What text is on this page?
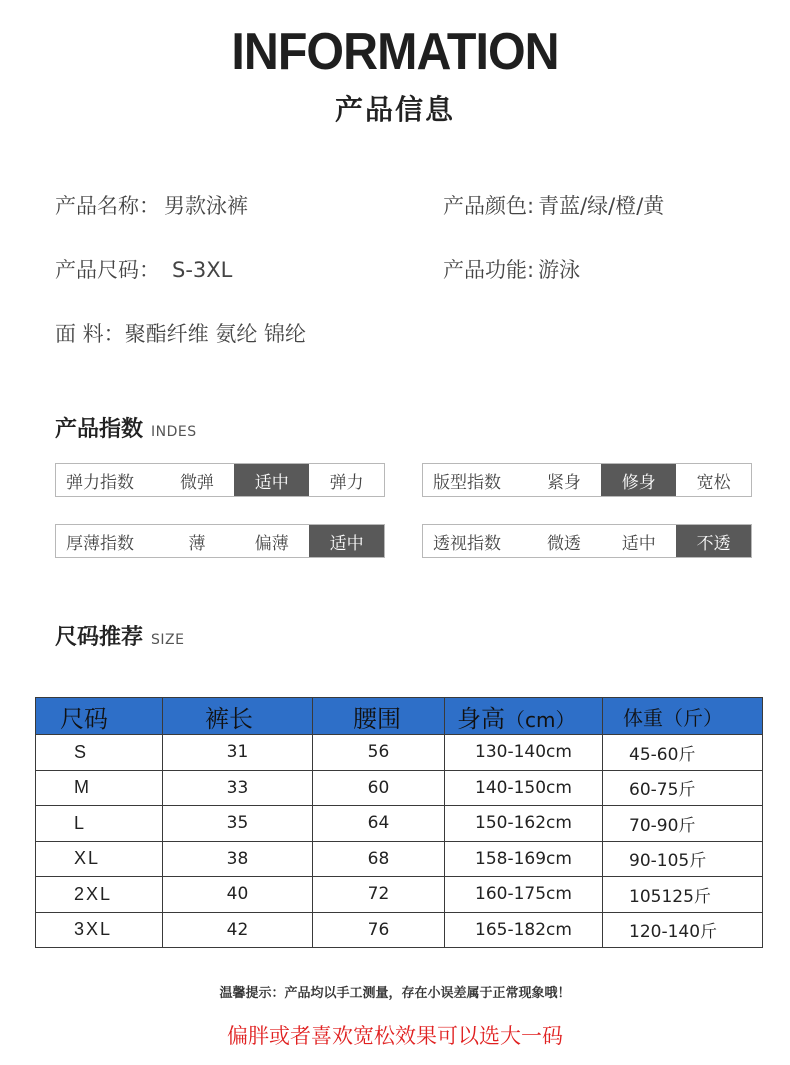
INFORMATION
产品信息
产品名称： 男款泳裤	产品颜色: 青蓝/绿/橙/黄
产品尺码： S-3XL	产品功能: 游泳
面 料：聚酯纤维 氨纶 锦纶
产品指数 INDES
弹力指数	微弹	适中	弹力	版型指数	紧身	修身	宽松
厚薄指数	薄	偏薄	适中	透视指数	微透	适中	不透
尺码推荐 SIZE
尺码	裤长	腰围	身高（cm）	体重（斤）
S	31	56	130-140cm	45-60斤
M	33	60	140-150cm	60-75斤
L	35	64	150-162cm	70-90斤
XL	38	68	158-169cm	90-105斤
2XL	40	72	160-175cm	105125斤
3XL	42	76	165-182cm	120-140斤
温馨提示：产品均以手工测量，存在小误差属于正常现象哦！
偏胖或者喜欢宽松效果可以选大一码
